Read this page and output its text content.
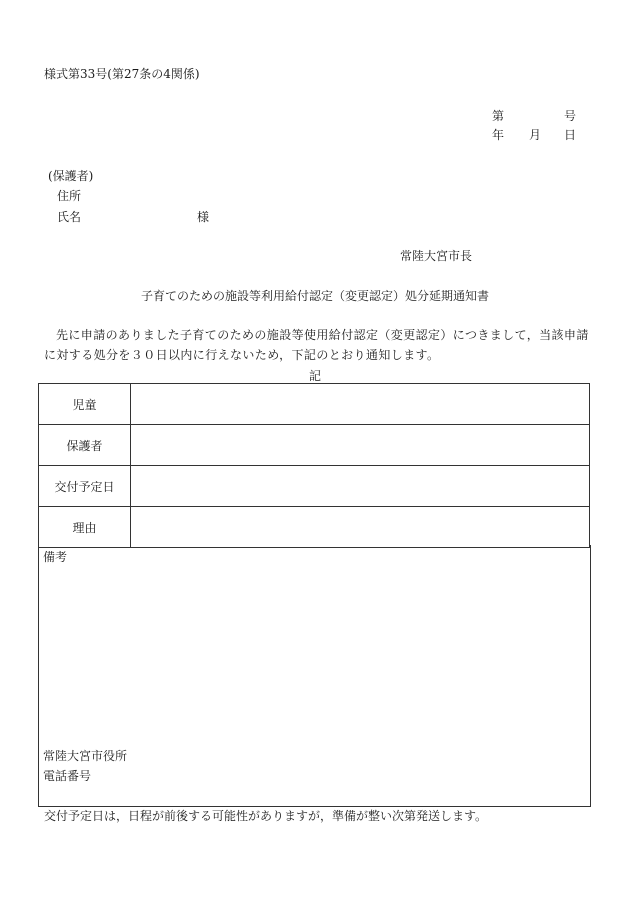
様式第33号(第27条の4関係)
第	号
年 月 日
(保護者)
住所
氏名	様
常陸大宮市長
子育てのための施設等利用給付認定（変更認定）処分延期通知書
先に申請のありました子育てのための施設等使用給付認定（変更認定）につきまして，当該申請に対する処分を３０日以内に行えないため，下記のとおり通知します。
記
児童	
保護者	
交付予定日	
理由	
備考
常陸大宮市役所
電話番号
交付予定日は，日程が前後する可能性がありますが，準備が整い次第発送します。
